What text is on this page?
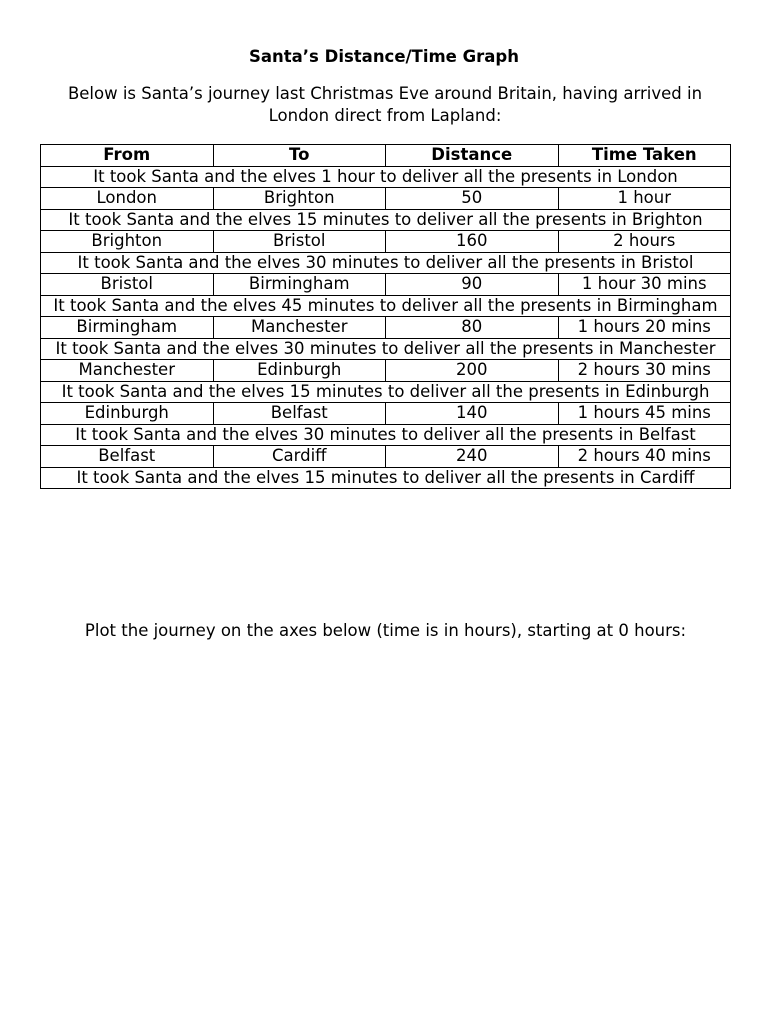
Santa’s Distance/Time Graph
Below is Santa’s journey last Christmas Eve around Britain, having arrived in London direct from Lapland:
From	To	Distance	Time Taken
It took Santa and the elves 1 hour to deliver all the presents in London			
London	Brighton	50	1 hour
It took Santa and the elves 15 minutes to deliver all the presents in Brighton			
Brighton	Bristol	160	2 hours
It took Santa and the elves 30 minutes to deliver all the presents in Bristol			
Bristol	Birmingham	90	1 hour 30 mins
It took Santa and the elves 45 minutes to deliver all the presents in Birmingham			
Birmingham	Manchester	80	1 hours 20 mins
It took Santa and the elves 30 minutes to deliver all the presents in Manchester			
Manchester	Edinburgh	200	2 hours 30 mins
It took Santa and the elves 15 minutes to deliver all the presents in Edinburgh			
Edinburgh	Belfast	140	1 hours 45 mins
It took Santa and the elves 30 minutes to deliver all the presents in Belfast			
Belfast	Cardiff	240	2 hours 40 mins
It took Santa and the elves 15 minutes to deliver all the presents in Cardiff			
Plot the journey on the axes below (time is in hours), starting at 0 hours:
